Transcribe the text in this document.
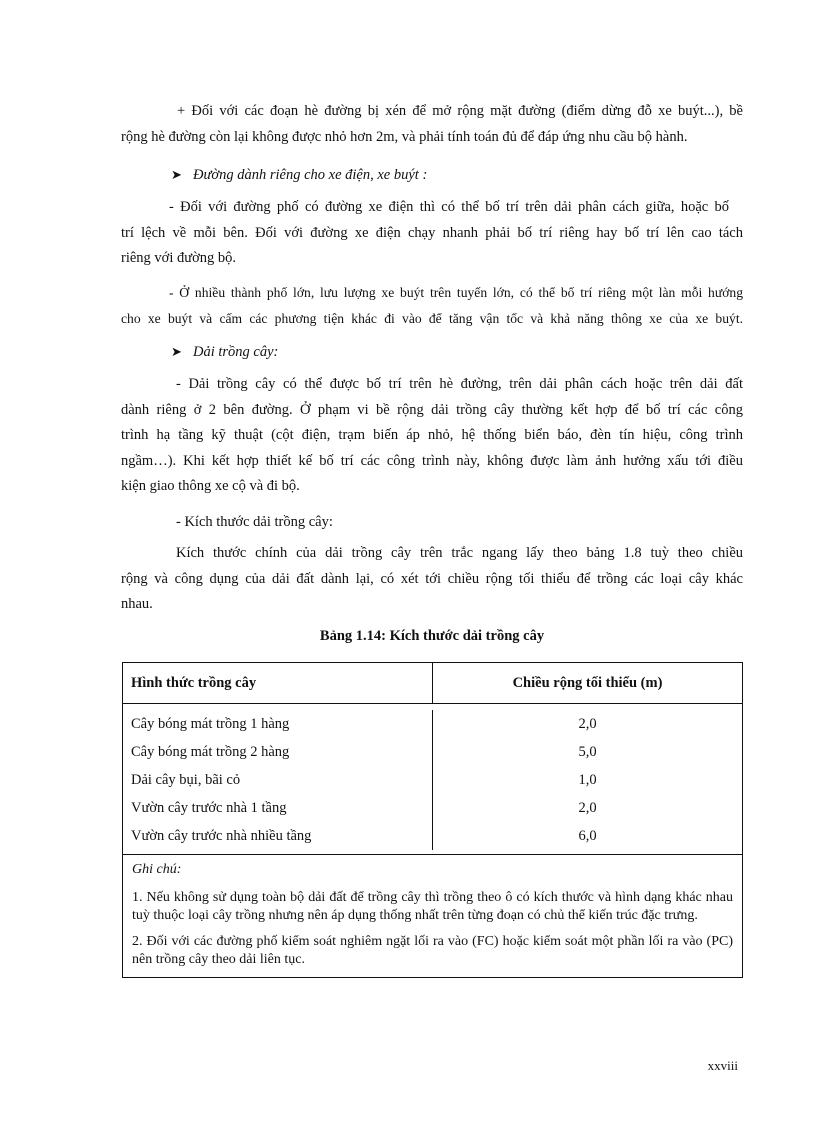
+ Đối với các đoạn hè đường bị xén để mở rộng mặt đường (điểm dừng đỗ xe buýt...), bề
rộng hè đường còn lại không được nhỏ hơn 2m, và phải tính toán đủ để đáp ứng nhu cầu bộ hành.
➤ Đường dành riêng cho xe điện, xe buýt :
- Đối với đường phố có đường xe điện thì có thể bố trí trên dải phân cách giữa, hoặc bố
trí lệch về mỗi bên. Đối với đường xe điện chạy nhanh phải bố trí riêng hay bố trí lên cao tách
riêng với đường bộ.
- Ở nhiều thành phố lớn, lưu lượng xe buýt trên tuyến lớn, có thể bố trí riêng một làn mỗi hướng
cho xe buýt và cấm các phương tiện khác đi vào để tăng vận tốc và khả năng thông xe của xe buýt.
➤ Dải trồng cây:
- Dải trồng cây có thể được bố trí trên hè đường, trên dải phân cách hoặc trên dải đất
dành riêng ở 2 bên đường. Ở phạm vi bề rộng dải trồng cây thường kết hợp để bố trí các công
trình hạ tầng kỹ thuật (cột điện, trạm biến áp nhỏ, hệ thống biển báo, đèn tín hiệu, công trình
ngầm…). Khi kết hợp thiết kế bố trí các công trình này, không được làm ảnh hưởng xấu tới điều
kiện giao thông xe cộ và đi bộ.
- Kích thước dải trồng cây:
Kích thước chính của dải trồng cây trên trắc ngang lấy theo bảng 1.8 tuỳ theo chiều
rộng và công dụng của dải đất dành lại, có xét tới chiều rộng tối thiểu để trồng các loại cây khác
nhau.
Bảng 1.14: Kích thước dải trồng cây
Hình thức trồng cây	Chiều rộng tối thiểu (m)
Cây bóng mát trồng 1 hàng
Cây bóng mát trồng 2 hàng
Dải cây bụi, bãi cỏ
Vườn cây trước nhà 1 tầng
Vườn cây trước nhà nhiều tầng
2,0
5,0
1,0
2,0
6,0
Ghi chú:
1. Nếu không sử dụng toàn bộ dải đất để trồng cây thì trồng theo ô có kích thước và hình dạng khác nhau tuỳ thuộc loại cây trồng nhưng nên áp dụng thống nhất trên từng đoạn có chủ thể kiến trúc đặc trưng.
2. Đối với các đường phố kiểm soát nghiêm ngặt lối ra vào (FC) hoặc kiểm soát một phần lối ra vào (PC) nên trồng cây theo dải liên tục.
xxviii
